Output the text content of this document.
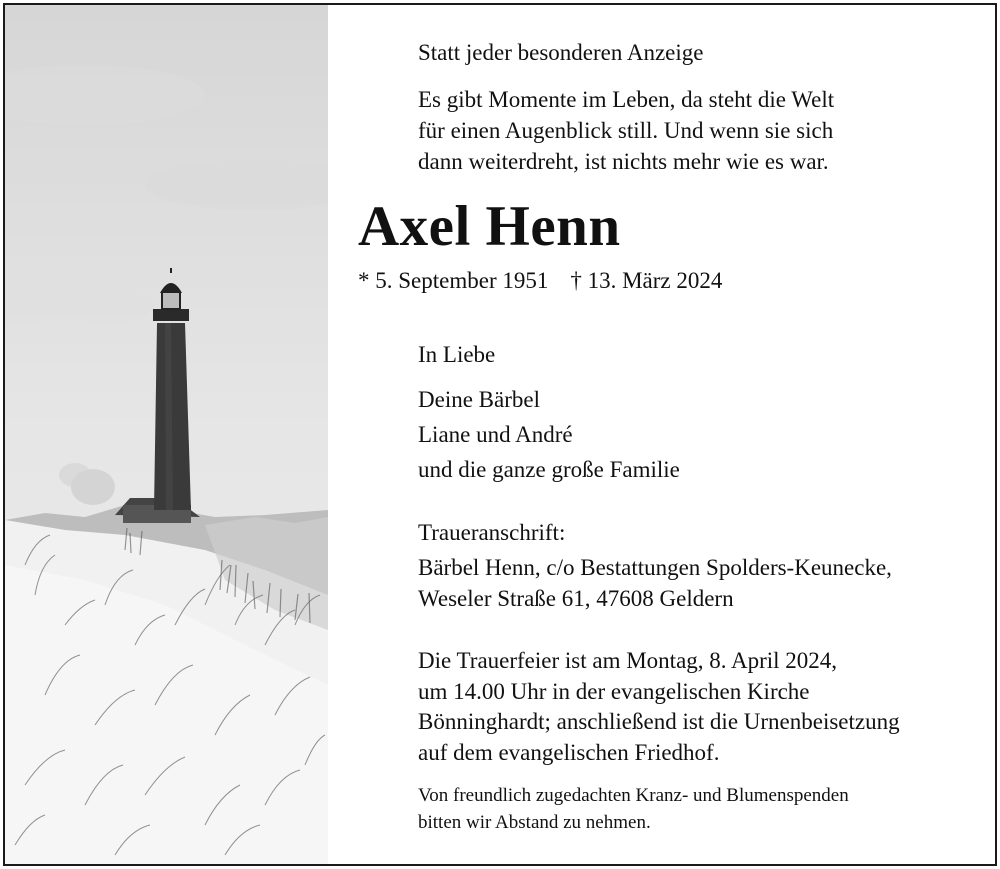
Statt jeder besonderen Anzeige
Es gibt Momente im Leben, da steht die Welt
für einen Augenblick still. Und wenn sie sich
dann weiterdreht, ist nichts mehr wie es war.
Axel Henn
* 5. September 1951 † 13. März 2024
In Liebe
Deine Bärbel
Liane und André
und die ganze große Familie
Traueranschrift:
Bärbel Henn, c/o Bestattungen Spolders-Keunecke,
Weseler Straße 61, 47608 Geldern
Die Trauerfeier ist am Montag, 8. April 2024,
um 14.00 Uhr in der evangelischen Kirche
Bönninghardt; anschließend ist die Urnenbeisetzung
auf dem evangelischen Friedhof.
Von freundlich zugedachten Kranz- und Blumenspenden
bitten wir Abstand zu nehmen.
